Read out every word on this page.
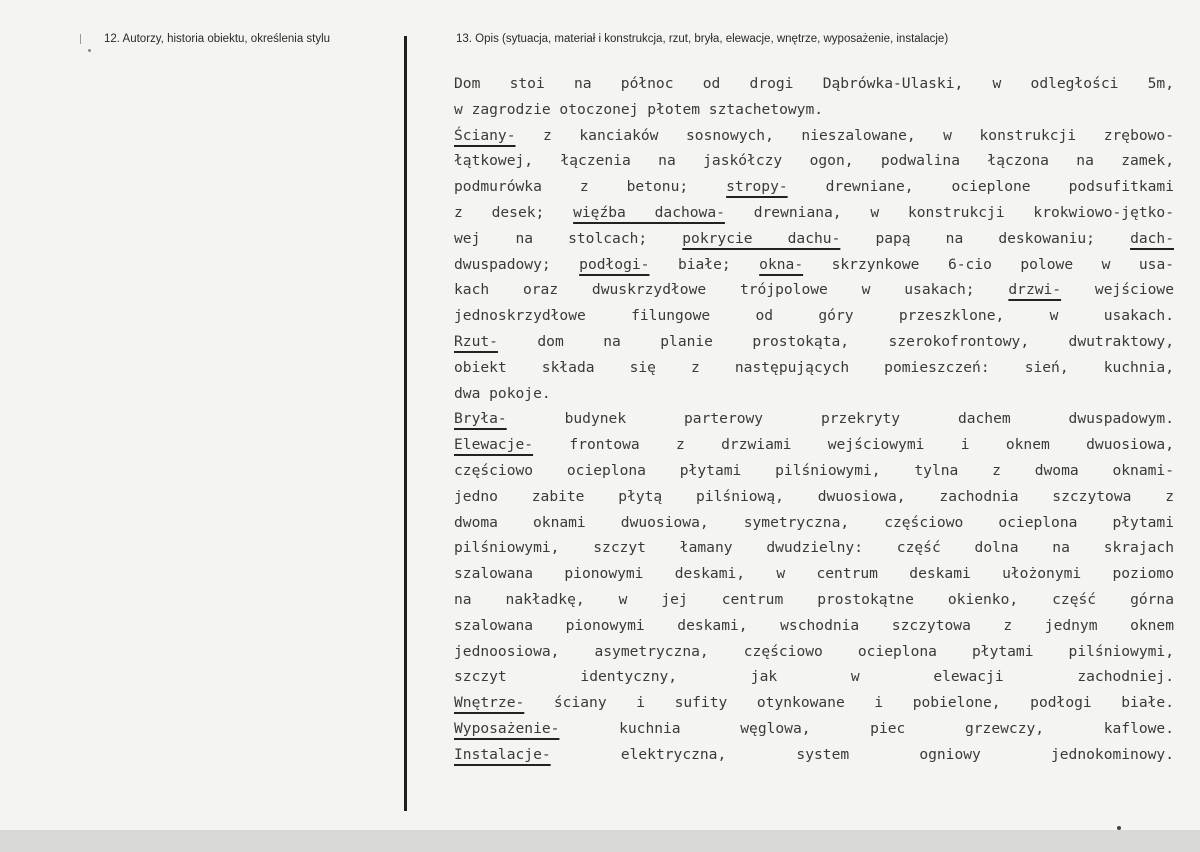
12. Autorzy, historia obiektu, określenia stylu	13. Opis (sytuacja, materiał i konstrukcja, rzut, bryła, elewacje, wnętrze, wyposażenie, instalacje)
Dom stoi na północ od drogi Dąbrówka-Ulaski, w odległości 5m,
w zagrodzie otoczonej płotem sztachetowym.
Ściany- z kanciaków sosnowych, nieszalowane, w konstrukcji zrębowo-
łątkowej, łączenia na jaskółczy ogon, podwalina łączona na zamek,
podmurówka z betonu; stropy- drewniane, ocieplone podsufitkami
z desek; więźba dachowa- drewniana, w konstrukcji krokwiowo-jętko-
wej na stolcach; pokrycie dachu- papą na deskowaniu; dach-
dwuspadowy; podłogi- białe; okna- skrzynkowe 6-cio polowe w usa-
kach oraz dwuskrzydłowe trójpolowe w usakach; drzwi- wejściowe
jednoskrzydłowe filungowe od góry przeszklone, w usakach.
Rzut- dom na planie prostokąta, szerokofrontowy, dwutraktowy,
obiekt składa się z następujących pomieszczeń: sień, kuchnia,
dwa pokoje.
Bryła- budynek parterowy przekryty dachem dwuspadowym.
Elewacje- frontowa z drzwiami wejściowymi i oknem dwuosiowa,
częściowo ocieplona płytami pilśniowymi, tylna z dwoma oknami-
jedno zabite płytą pilśniową, dwuosiowa, zachodnia szczytowa z
dwoma oknami dwuosiowa, symetryczna, częściowo ocieplona płytami
pilśniowymi, szczyt łamany dwudzielny: część dolna na skrajach
szalowana pionowymi deskami, w centrum deskami ułożonymi poziomo
na nakładkę, w jej centrum prostokątne okienko, część górna
szalowana pionowymi deskami, wschodnia szczytowa z jednym oknem
jednoosiowa, asymetryczna, częściowo ocieplona płytami pilśniowymi,
szczyt identyczny, jak w elewacji zachodniej.
Wnętrze- ściany i sufity otynkowane i pobielone, podłogi białe.
Wyposażenie- kuchnia węglowa, piec grzewczy, kaflowe.
Instalacje- elektryczna, system ogniowy jednokominowy.
